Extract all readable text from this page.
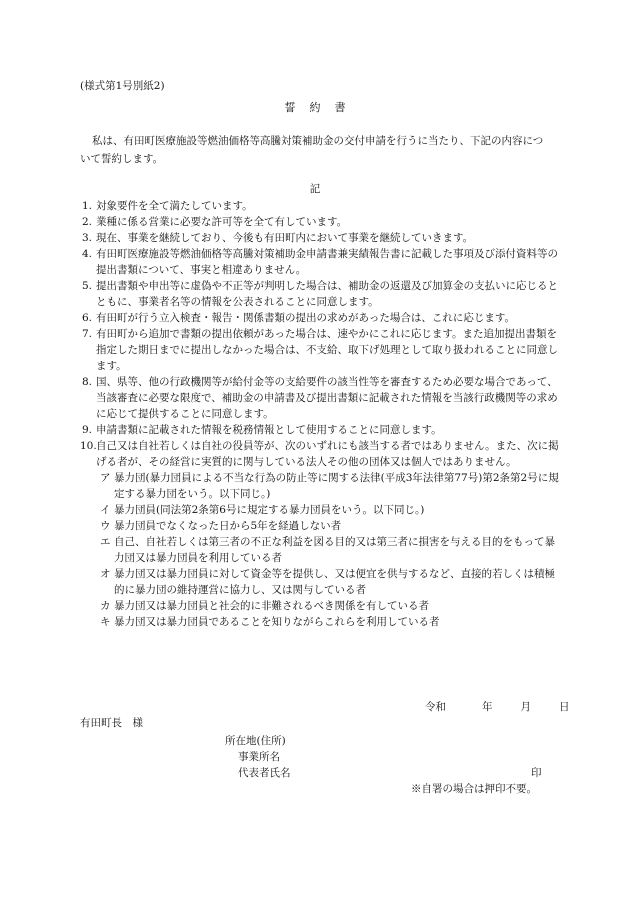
(様式第1号別紙2)
誓約書
私は、有田町医療施設等燃油価格等高騰対策補助金の交付申請を行うに当たり、下記の内容について誓約します。
記
1. 対象要件を全て満たしています。
2. 業種に係る営業に必要な許可等を全て有しています。
3. 現在、事業を継続しており、今後も有田町内において事業を継続していきます。
4. 有田町医療施設等燃油価格等高騰対策補助金申請書兼実績報告書に記載した事項及び添付資料等の提出書類について、事実と相違ありません。
5. 提出書類や申出等に虚偽や不正等が判明した場合は、補助金の返還及び加算金の支払いに応じるとともに、事業者名等の情報を公表されることに同意します。
6. 有田町が行う立入検査・報告・関係書類の提出の求めがあった場合は、これに応じます。
7. 有田町から追加で書類の提出依頼があった場合は、速やかにこれに応じます。また追加提出書類を指定した期日までに提出しなかった場合は、不支給、取下げ処理として取り扱われることに同意します。
8. 国、県等、他の行政機関等が給付金等の支給要件の該当性等を審査するため必要な場合であって、当該審査に必要な限度で、補助金の申請書及び提出書類に記載された情報を当該行政機関等の求めに応じて提供することに同意します。
9. 申請書類に記載された情報を税務情報として使用することに同意します。
10. 自己又は自社若しくは自社の役員等が、次のいずれにも該当する者ではありません。また、次に掲げる者が、その経営に実質的に関与している法人その他の団体又は個人ではありません。
ア 暴力団(暴力団員による不当な行為の防止等に関する法律(平成3年法律第77号)第2条第2号に規定する暴力団をいう。以下同じ。)
イ 暴力団員(同法第2条第6号に規定する暴力団員をいう。以下同じ。)
ウ 暴力団員でなくなった日から5年を経過しない者
エ 自己、自社若しくは第三者の不正な利益を図る目的又は第三者に損害を与える目的をもって暴力団又は暴力団員を利用している者
オ 暴力団又は暴力団員に対して資金等を提供し、又は便宜を供与するなど、直接的若しくは積極的に暴力団の維持運営に協力し、又は関与している者
カ 暴力団又は暴力団員と社会的に非難されるべき関係を有している者
キ 暴力団又は暴力団員であることを知りながらこれらを利用している者
令和	年	月	日
有田町長　様
所在地(住所)
事業所名
代表者氏名	印
※自署の場合は押印不要。
